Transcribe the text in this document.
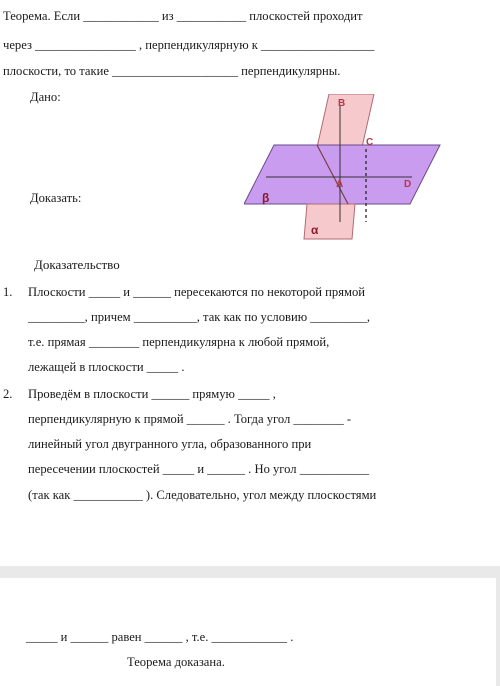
Теорема. Если ____________ из ___________ плоскостей проходит
через ________________ , перпендикулярную к __________________
плоскости, то такие ____________________ перпендикулярны.
Дано:
Доказать:
B
C
A	D
β
α
Доказательство
1. Плоскости _____ и ______ пересекаются по некоторой прямой
_________, причем __________, так как по условию _________,
т.е. прямая ________ перпендикулярна к любой прямой,
лежащей в плоскости _____ .
2. Проведём в плоскости ______ прямую _____ ,
перпендикулярную к прямой ______ . Тогда угол ________ -
линейный угол двугранного угла, образованного при
пересечении плоскостей _____ и ______ . Но угол ___________
(так как ___________ ). Следовательно, угол между плоскостями
_____ и ______ равен ______ , т.е. ____________ .
Теорема доказана.
